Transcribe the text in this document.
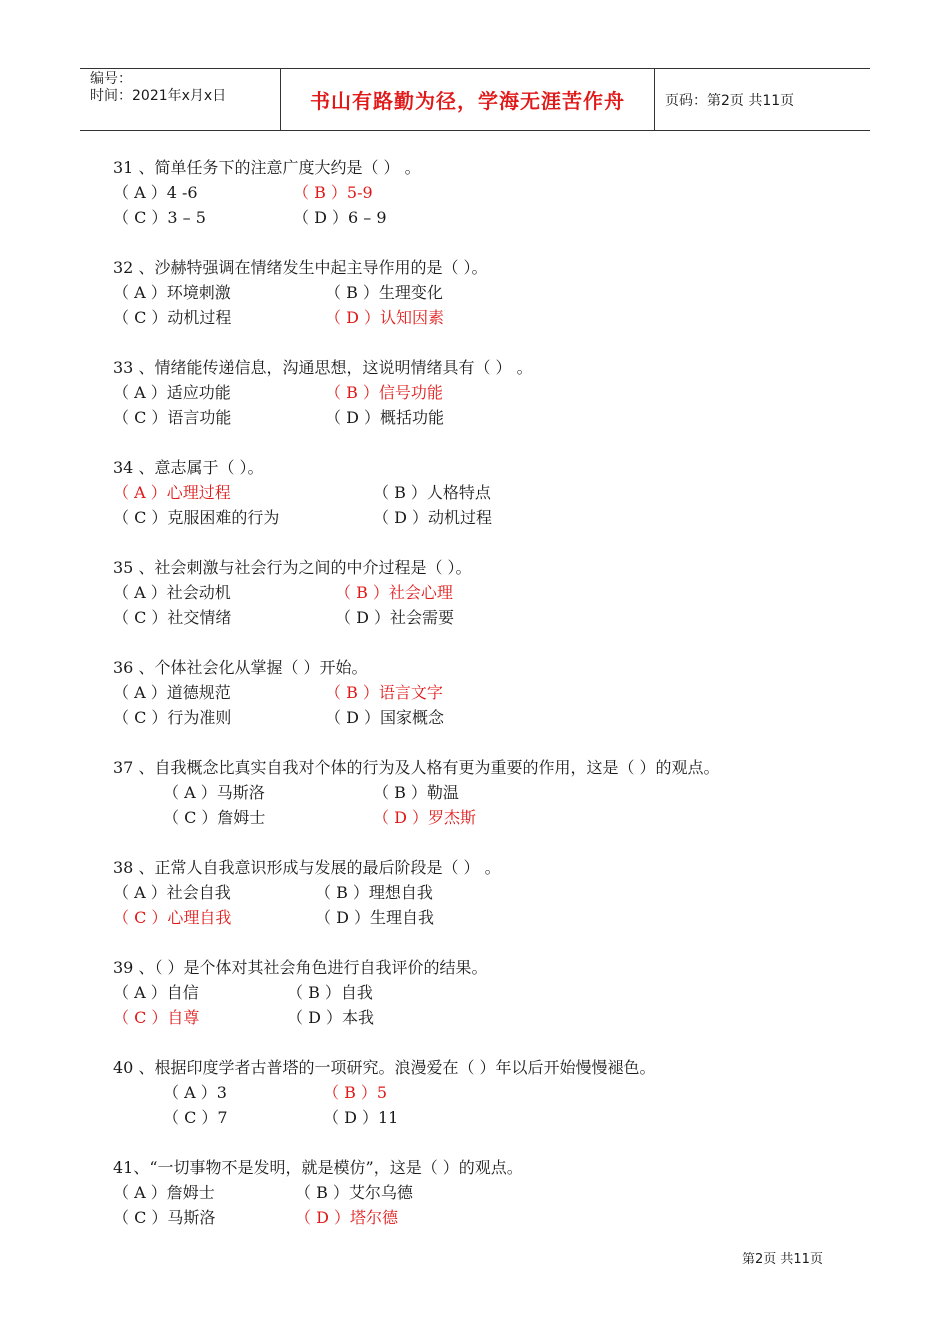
编号：
时间：2021年x月x日	书山有路勤为径，学海无涯苦作舟	页码：第2页 共11页
31 、简单任务下的注意广度大约是（ ） 。
（ A ）4 -6	（ B ）5-9
（ C ）3 – 5	（ D ）6 – 9
32 、沙赫特强调在情绪发生中起主导作用的是（ ）。
（ A ）环境刺激	（ B ）生理变化
（ C ）动机过程	（ D ）认知因素
33 、情绪能传递信息，沟通思想，这说明情绪具有（ ） 。
（ A ）适应功能	（ B ）信号功能
（ C ）语言功能	（ D ）概括功能
34 、意志属于（ ）。
（ A ）心理过程	（ B ）人格特点
（ C ）克服困难的行为	（ D ）动机过程
35 、社会刺激与社会行为之间的中介过程是（ ）。
（ A ）社会动机	（ B ）社会心理
（ C ）社交情绪	（ D ）社会需要
36 、个体社会化从掌握（ ）开始。
（ A ）道德规范	（ B ）语言文字
（ C ）行为准则	（ D ）国家概念
37 、自我概念比真实自我对个体的行为及人格有更为重要的作用，这是（ ）的观点。
（ A ）马斯洛	（ B ）勒温
（ C ）詹姆士	（ D ）罗杰斯
38 、正常人自我意识形成与发展的最后阶段是（ ） 。
（ A ）社会自我	（ B ）理想自我
（ C ）心理自我	（ D ）生理自我
39 、（ ）是个体对其社会角色进行自我评价的结果。
（ A ）自信	（ B ）自我
（ C ）自尊	（ D ）本我
40 、根据印度学者古普塔的一项研究。浪漫爱在（ ）年以后开始慢慢褪色。
（ A ）3	（ B ）5
（ C ）7	（ D ）11
41、“一切事物不是发明，就是模仿”，这是（ ）的观点。
（ A ）詹姆士	（ B ）艾尔乌德
（ C ）马斯洛	（ D ）塔尔德
第2页 共11页
